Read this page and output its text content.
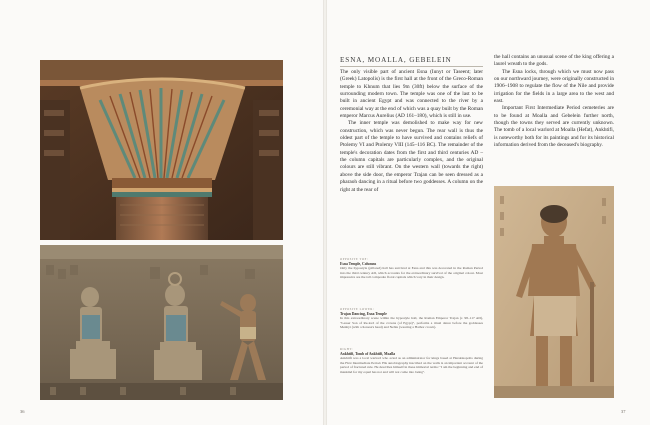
ESNA, MOALLA, GEBELEIN

The only visible part of ancient Esna (Iunyt or Taseent; later (Greek) Latopolis) is the first hall at the front of the Greco-Roman temple to Khnum that lies 9m (30ft) below the surface of the surrounding modern town. The temple was one of the last to be built in ancient Egypt and was connected to the river by a ceremonial way at the end of which was a quay built by the Roman emperor Marcus Aurelius (AD 161–180), which is still in use.

The inner temple was demolished to make way for new construction, which was never begun. The rear wall is thus the oldest part of the temple to have survived and contains reliefs of Ptolemy VI and Ptolemy VIII (145–116 BC). The remainder of the temple's decoration dates from the first and third centuries AD – the column capitals are particularly complex, and the original colours are still vibrant. On the western wall (towards the right) above the side door, the emperor Trajan can be seen dressed as a pharaoh dancing in a ritual before two goddesses. A column on the right at the rear of

the hall contains an unusual scene of the king offering a laurel wreath to the gods.

The Esna locks, through which we must now pass on our northward journey, were originally constructed in 1906–1908 to regulate the flow of the Nile and provide irrigation for the fields in a large area to the west and east.

Important First Intermediate Period cemeteries are to be found at Moalla and Gebelein further north, though the towns they served are currently unknown. The tomb of a local warlord at Moalla (Hefat), Ankhtifi, is noteworthy both for its paintings and for its historical information derived from the deceased's biography.

OPPOSITE TOP:
Esna Temple, Columns

Only the hypostyle (pillared) hall has survived at Esna and this was decorated in the Roman Period into the third century AD, which accounts for the extraordinary survival of the original colour. Most impressive are the tall composite floral capitals which vary in their design.

OPPOSITE LOWER:
Trajan Dancing, Esna Temple

In this extraordinary scene within the hypostyle hall, the Roman Emperor Trajan (r. 98–117 AD), "Lesser Son of Re-lord of the crowns (of Egypt)", performs a ritual dance before the goddesses Menhyt (with a lioness's head) and Nebtu (wearing a Hathor crown).

RIGHT:
Ankhtifi, Tomb of Ankhtifi, Moalla

Ankhtifi was a local warlord who acted as an administrator for kings based at Herakleopolis during the First Intermediate Period. His autobiography inscribed on the walls is an important account of the period of fractured rule. He describes himself in these immortal terms: "I am the beginning and end of mankind for my equal has not and will not come into being".

36	37
